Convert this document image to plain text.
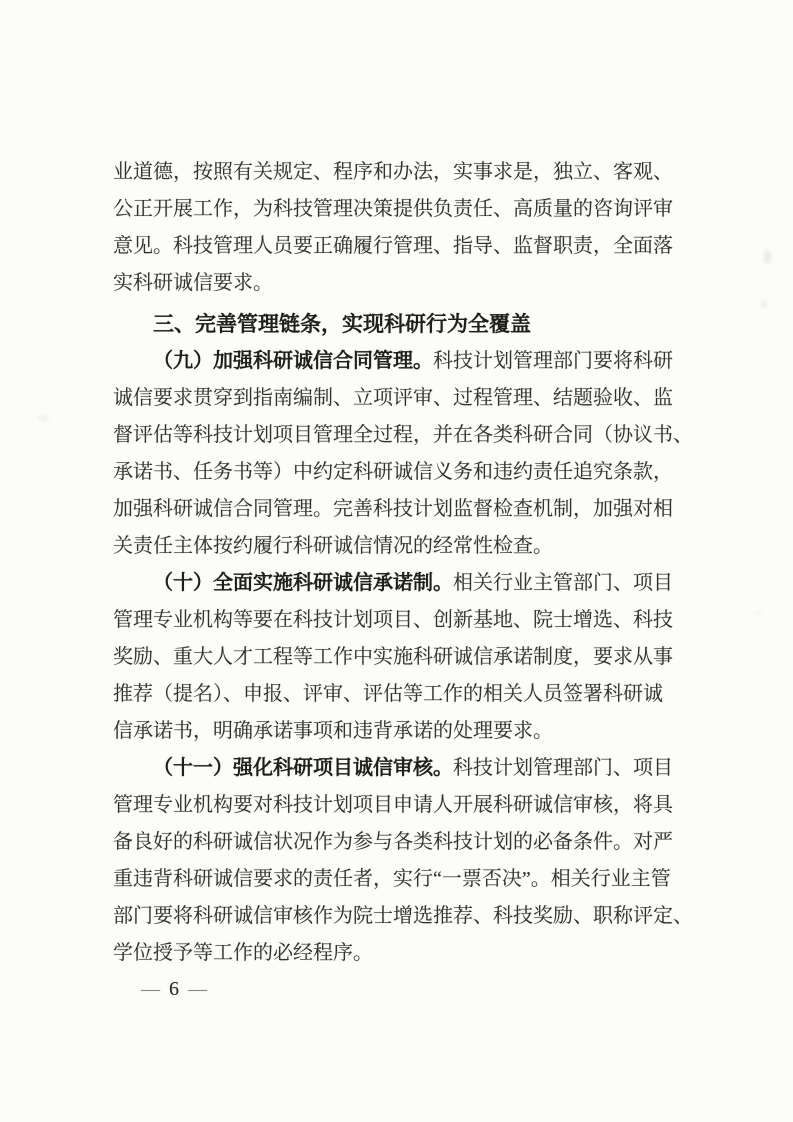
业道德，按照有关规定、程序和办法，实事求是，独立、客观、
公正开展工作，为科技管理决策提供负责任、高质量的咨询评审
意见。科技管理人员要正确履行管理、指导、监督职责，全面落
实科研诚信要求。
三、完善管理链条，实现科研行为全覆盖
（九）加强科研诚信合同管理。科技计划管理部门要将科研
诚信要求贯穿到指南编制、立项评审、过程管理、结题验收、监
督评估等科技计划项目管理全过程，并在各类科研合同（协议书、
承诺书、任务书等）中约定科研诚信义务和违约责任追究条款，
加强科研诚信合同管理。完善科技计划监督检查机制，加强对相
关责任主体按约履行科研诚信情况的经常性检查。
（十）全面实施科研诚信承诺制。相关行业主管部门、项目
管理专业机构等要在科技计划项目、创新基地、院士增选、科技
奖励、重大人才工程等工作中实施科研诚信承诺制度，要求从事
推荐（提名）、申报、评审、评估等工作的相关人员签署科研诚
信承诺书，明确承诺事项和违背承诺的处理要求。
（十一）强化科研项目诚信审核。科技计划管理部门、项目
管理专业机构要对科技计划项目申请人开展科研诚信审核，将具
备良好的科研诚信状况作为参与各类科技计划的必备条件。对严
重违背科研诚信要求的责任者，实行“一票否决”。相关行业主管
部门要将科研诚信审核作为院士增选推荐、科技奖励、职称评定、
学位授予等工作的必经程序。
— 6 —
